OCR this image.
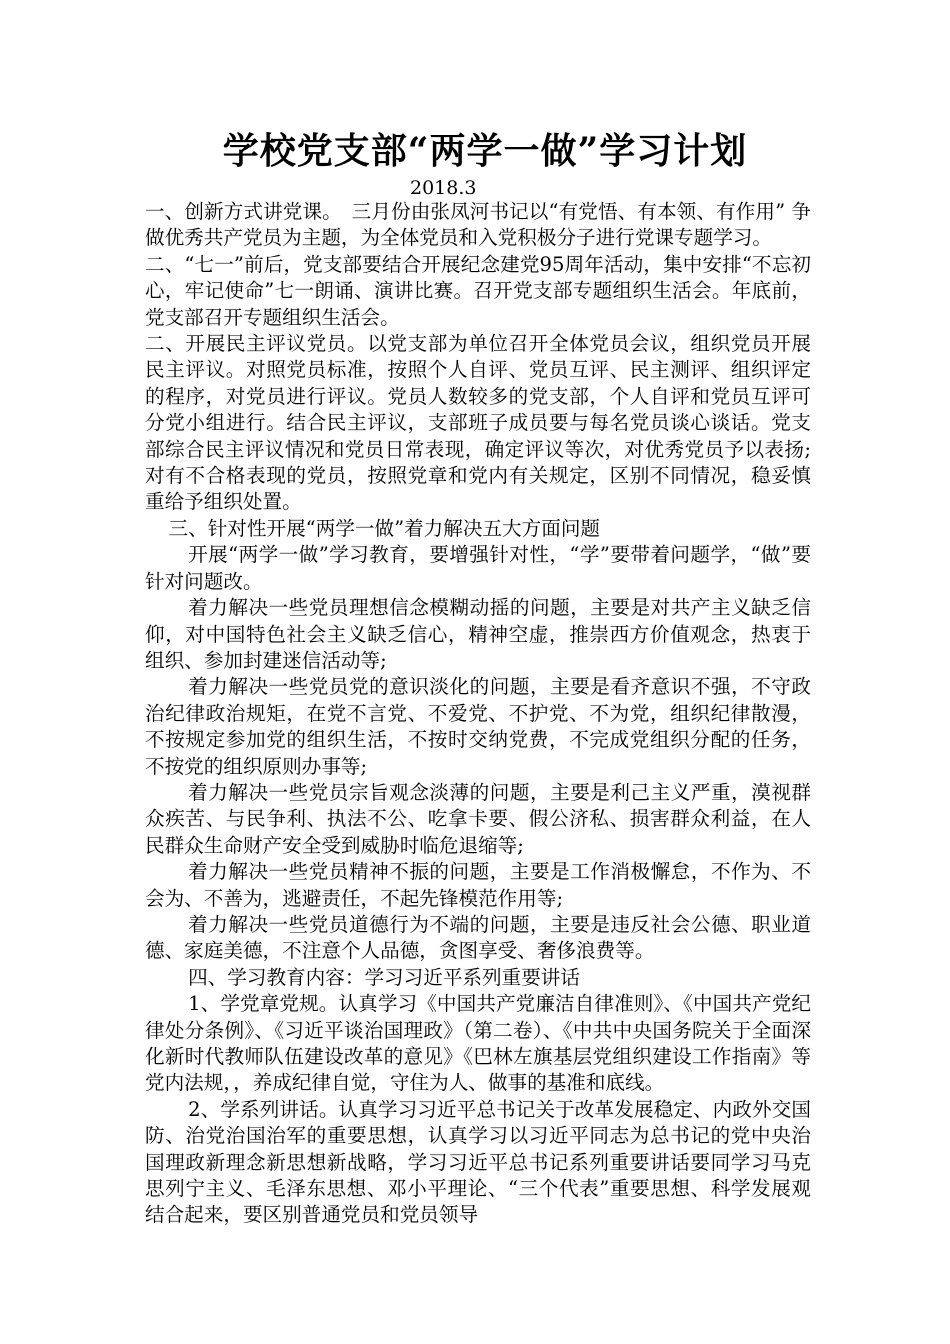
学校党支部“两学一做”学习计划
2018.3

一、创新方式讲党课。　三月份由张凤河书记以“有党悟、有本领、有作用” 争做优秀共产党员为主题，为全体党员和入党积极分子进行党课专题学习。

二、“七一”前后，党支部要结合开展纪念建党95周年活动，集中安排“不忘初心，牢记使命”七一朗诵、演讲比赛。召开党支部专题组织生活会。年底前，党支部召开专题组织生活会。

二、开展民主评议党员。以党支部为单位召开全体党员会议，组织党员开展民主评议。对照党员标准，按照个人自评、党员互评、民主测评、组织评定的程序，对党员进行评议。党员人数较多的党支部，个人自评和党员互评可分党小组进行。结合民主评议，支部班子成员要与每名党员谈心谈话。党支部综合民主评议情况和党员日常表现，确定评议等次，对优秀党员予以表扬;对有不合格表现的党员，按照党章和党内有关规定，区别不同情况，稳妥慎重给予组织处置。

三、针对性开展“两学一做”着力解决五大方面问题

开展“两学一做”学习教育，要增强针对性，“学”要带着问题学，“做”要针对问题改。

着力解决一些党员理想信念模糊动摇的问题，主要是对共产主义缺乏信仰，对中国特色社会主义缺乏信心，精神空虚，推崇西方价值观念，热衷于组织、参加封建迷信活动等;

着力解决一些党员党的意识淡化的问题，主要是看齐意识不强，不守政治纪律政治规矩，在党不言党、不爱党、不护党、不为党，组织纪律散漫，不按规定参加党的组织生活，不按时交纳党费，不完成党组织分配的任务，不按党的组织原则办事等;

着力解决一些党员宗旨观念淡薄的问题，主要是利己主义严重，漠视群众疾苦、与民争利、执法不公、吃拿卡要、假公济私、损害群众利益，在人民群众生命财产安全受到威胁时临危退缩等;

着力解决一些党员精神不振的问题，主要是工作消极懈怠，不作为、不会为、不善为，逃避责任，不起先锋模范作用等;

着力解决一些党员道德行为不端的问题，主要是违反社会公德、职业道德、家庭美德，不注意个人品德，贪图享受、奢侈浪费等。

四、学习教育内容：学习习近平系列重要讲话

1、学党章党规。认真学习《中国共产党廉洁自律准则》、《中国共产党纪律处分条例》、《习近平谈治国理政》（第二卷）、《中共中央国务院关于全面深化新时代教师队伍建设改革的意见》《巴林左旗基层党组织建设工作指南》等党内法规，，养成纪律自觉，守住为人、做事的基准和底线。

2、学系列讲话。认真学习习近平总书记关于改革发展稳定、内政外交国防、治党治国治军的重要思想，认真学习以习近平同志为总书记的党中央治国理政新理念新思想新战略，学习习近平总书记系列重要讲话要同学习马克思列宁主义、毛泽东思想、邓小平理论、“三个代表”重要思想、科学发展观结合起来，要区别普通党员和党员领导
